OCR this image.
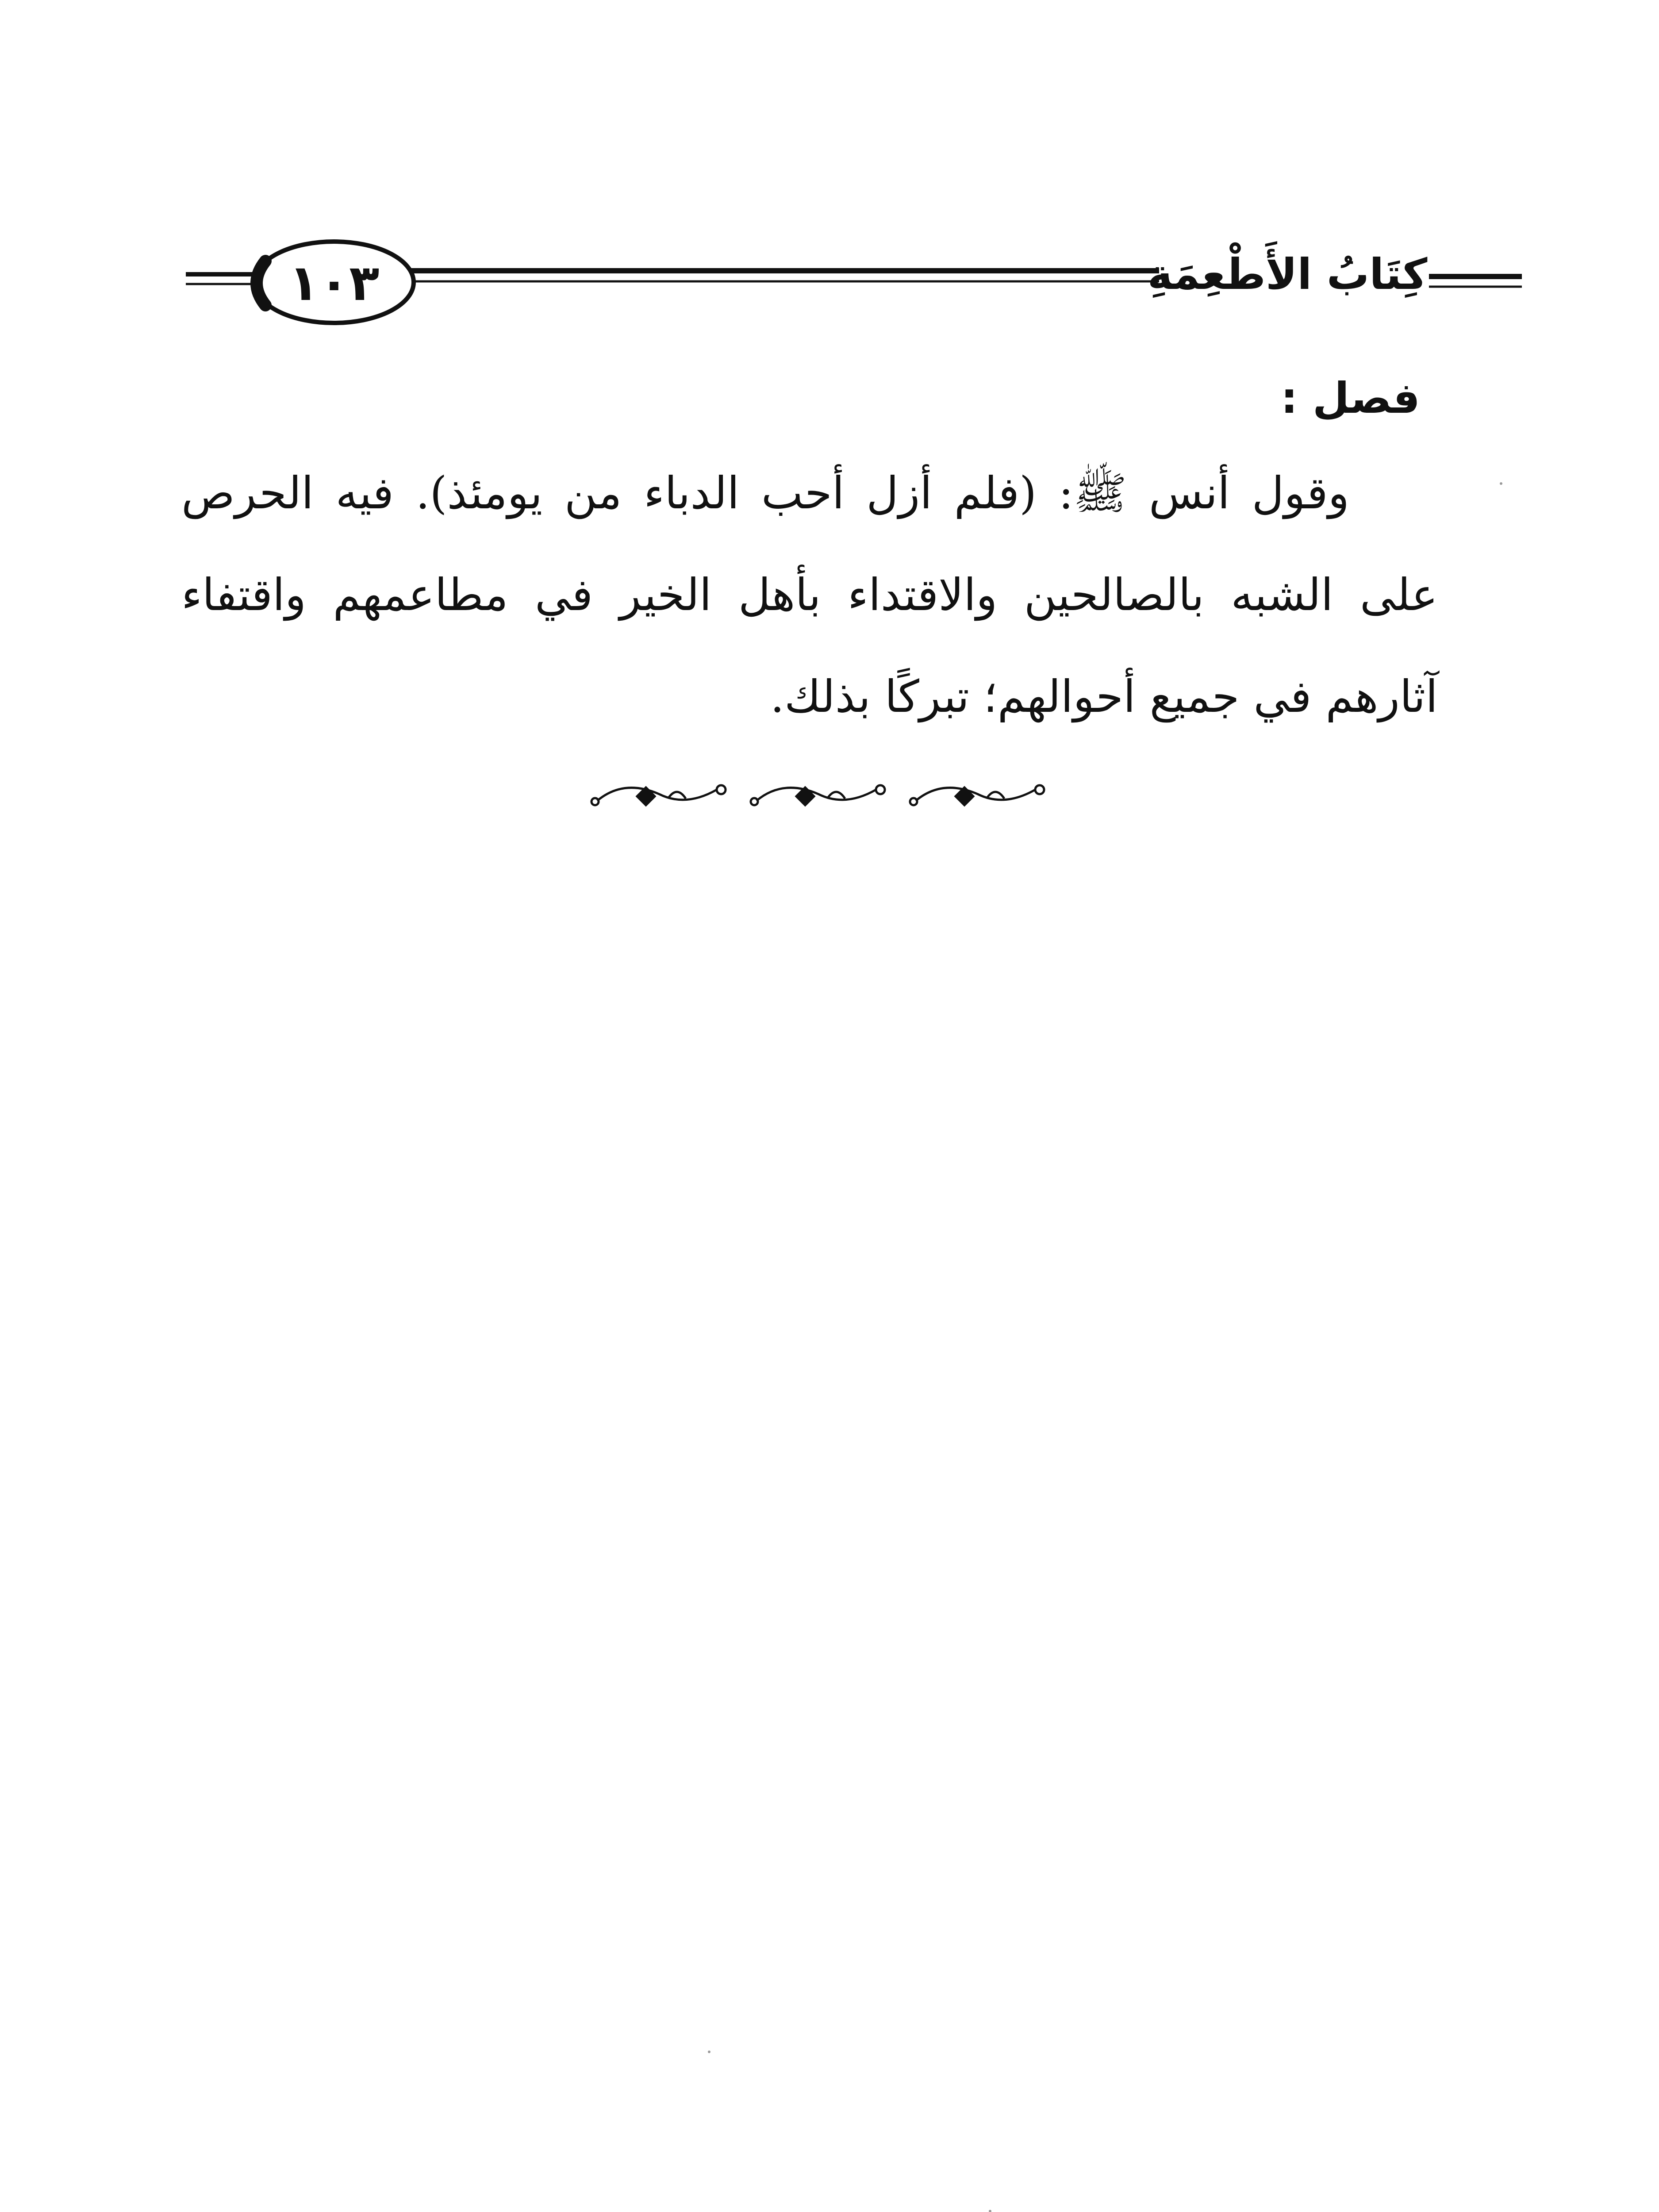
كِتَابُ الأَطْعِمَةِ
١٠٣
فصل :

وقول أنس ﷺ: (فلم أزل أحب الدباء من يومئذ). فيه الحرص على الشبه بالصالحين والاقتداء بأهل الخير في مطاعمهم واقتفاء آثارهم في جميع أحوالهم؛ تبركًا بذلك.
